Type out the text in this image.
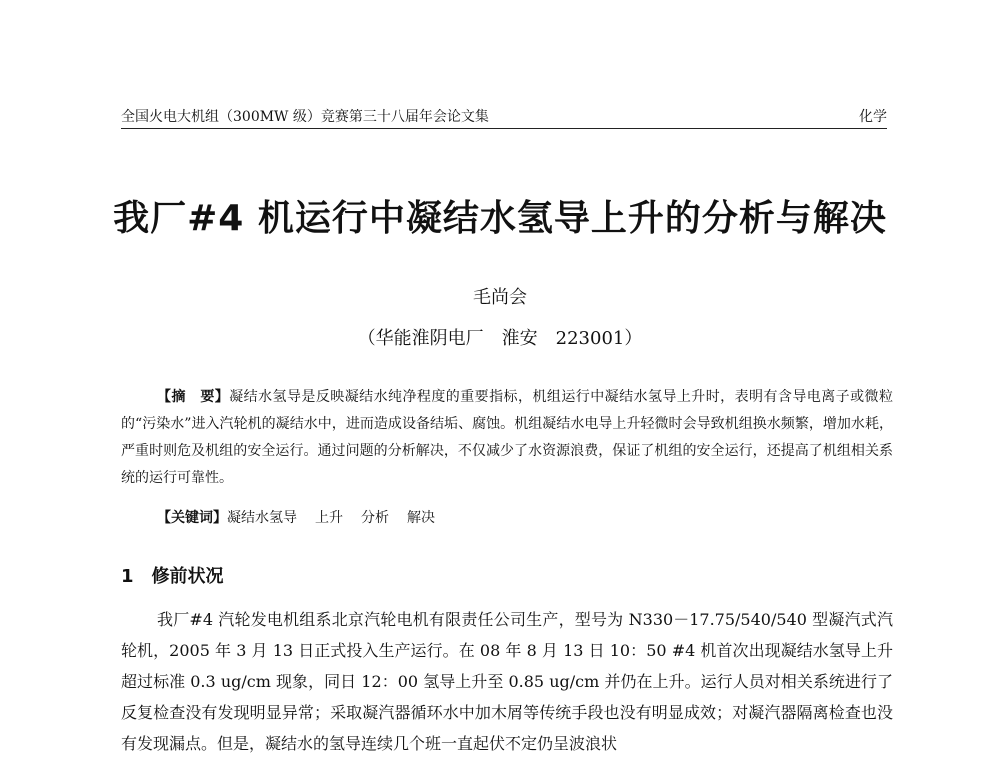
全国火电大机组（300MW 级）竞赛第三十八届年会论文集	化学
我厂#4 机运行中凝结水氢导上升的分析与解决
毛尚会
（华能淮阴电厂　淮安　223001）
【摘　要】凝结水氢导是反映凝结水纯净程度的重要指标，机组运行中凝结水氢导上升时，表明有含导电离子或微粒的“污染水”进入汽轮机的凝结水中，进而造成设备结垢、腐蚀。机组凝结水电导上升轻微时会导致机组换水频繁，增加水耗，严重时则危及机组的安全运行。通过问题的分析解决，不仅减少了水资源浪费，保证了机组的安全运行，还提高了机组相关系统的运行可靠性。
【关键词】凝结水氢导 上升 分析 解决
1 修前状况
我厂#4 汽轮发电机组系北京汽轮电机有限责任公司生产，型号为 N330－17.75/540/540 型凝汽式汽轮机，2005 年 3 月 13 日正式投入生产运行。在 08 年 8 月 13 日 10：50 #4 机首次出现凝结水氢导上升超过标准 0.3 ug/cm 现象，同日 12：00 氢导上升至 0.85 ug/cm 并仍在上升。运行人员对相关系统进行了反复检查没有发现明显异常；采取凝汽器循环水中加木屑等传统手段也没有明显成效；对凝汽器隔离检查也没有发现漏点。但是，凝结水的氢导连续几个班一直起伏不定仍呈波浪状
